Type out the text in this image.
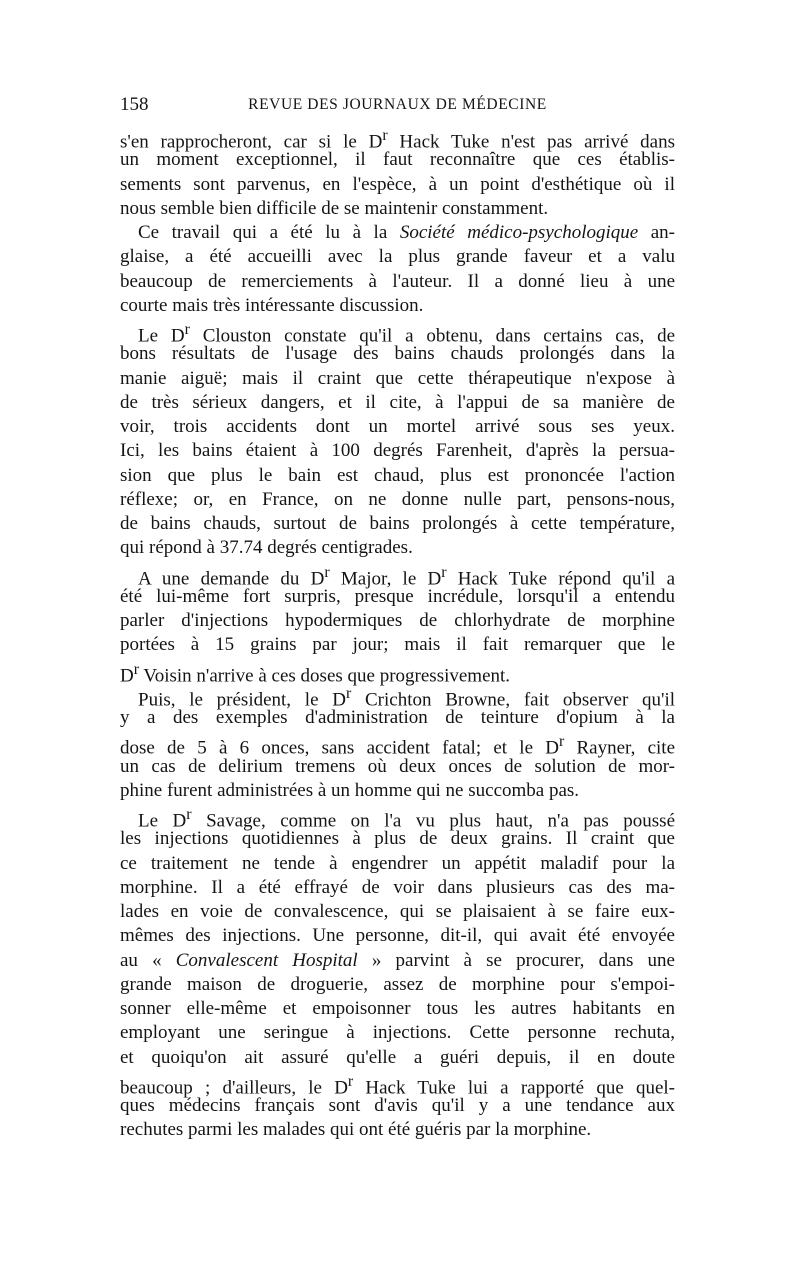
158	REVUE DES JOURNAUX DE MÉDECINE
s'en rapprocheront, car si le $D^r$ Hack Tuke n'est pas arrivé dans
un moment exceptionnel, il faut reconnaître que ces établis-
sements sont parvenus, en l'espèce, à un point d'esthétique où il
nous semble bien difficile de se maintenir constamment.
Ce travail qui a été lu à la Société médico-psychologique an-
glaise, a été accueilli avec la plus grande faveur et a valu
beaucoup de remerciements à l'auteur. Il a donné lieu à une
courte mais très intéressante discussion.
Le $D^r$ Clouston constate qu'il a obtenu, dans certains cas, de
bons résultats de l'usage des bains chauds prolongés dans la
manie aiguë; mais il craint que cette thérapeutique n'expose à
de très sérieux dangers, et il cite, à l'appui de sa manière de
voir, trois accidents dont un mortel arrivé sous ses yeux.
Ici, les bains étaient à 100 degrés Farenheit, d'après la persua-
sion que plus le bain est chaud, plus est prononcée l'action
réflexe; or, en France, on ne donne nulle part, pensons-nous,
de bains chauds, surtout de bains prolongés à cette température,
qui répond à 37.74 degrés centigrades.
A une demande du $D^r$ Major, le $D^r$ Hack Tuke répond qu'il a
été lui-même fort surpris, presque incrédule, lorsqu'il a entendu
parler d'injections hypodermiques de chlorhydrate de morphine
portées à 15 grains par jour; mais il fait remarquer que le
$D^r$ Voisin n'arrive à ces doses que progressivement.
Puis, le président, le $D^r$ Crichton Browne, fait observer qu'il
y a des exemples d'administration de teinture d'opium à la
dose de 5 à 6 onces, sans accident fatal; et le $D^r$ Rayner, cite
un cas de delirium tremens où deux onces de solution de mor-
phine furent administrées à un homme qui ne succomba pas.
Le $D^r$ Savage, comme on l'a vu plus haut, n'a pas poussé
les injections quotidiennes à plus de deux grains. Il craint que
ce traitement ne tende à engendrer un appétit maladif pour la
morphine. Il a été effrayé de voir dans plusieurs cas des ma-
lades en voie de convalescence, qui se plaisaient à se faire eux-
mêmes des injections. Une personne, dit-il, qui avait été envoyée
au « Convalescent Hospital » parvint à se procurer, dans une
grande maison de droguerie, assez de morphine pour s'empoi-
sonner elle-même et empoisonner tous les autres habitants en
employant une seringue à injections. Cette personne rechuta,
et quoiqu'on ait assuré qu'elle a guéri depuis, il en doute
beaucoup ; d'ailleurs, le $D^r$ Hack Tuke lui a rapporté que quel-
ques médecins français sont d'avis qu'il y a une tendance aux
rechutes parmi les malades qui ont été guéris par la morphine.
